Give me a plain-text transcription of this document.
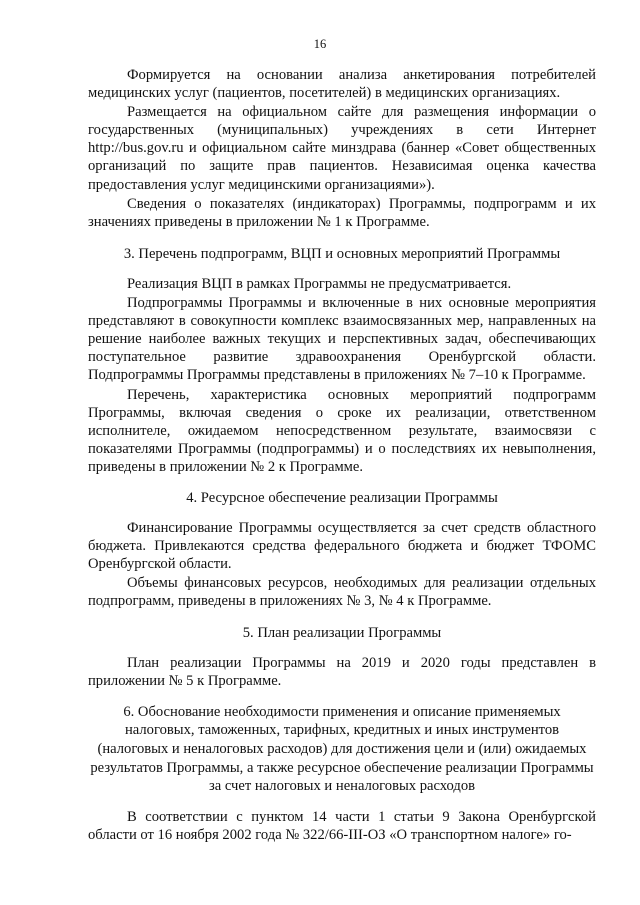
16

Формируется на основании анализа анкетирования потребителей медицинских услуг (пациентов, посетителей) в медицинских организациях.

Размещается на официальном сайте для размещения информации о государственных (муниципальных) учреждениях в сети Интернет http://bus.gov.ru и официальном сайте минздрава (баннер «Совет общественных организаций по защите прав пациентов. Независимая оценка качества предоставления услуг медицинскими организациями»).

Сведения о показателях (индикаторах) Программы, подпрограмм и их значениях приведены в приложении № 1 к Программе.

3. Перечень подпрограмм, ВЦП и основных мероприятий Программы

Реализация ВЦП в рамках Программы не предусматривается.

Подпрограммы Программы и включенные в них основные мероприятия представляют в совокупности комплекс взаимосвязанных мер, направленных на решение наиболее важных текущих и перспективных задач, обеспечивающих поступательное развитие здравоохранения Оренбургской области. Подпрограммы Программы представлены в приложениях № 7–10 к Программе.

Перечень, характеристика основных мероприятий подпрограмм Программы, включая сведения о сроке их реализации, ответственном исполнителе, ожидаемом непосредственном результате, взаимосвязи с показателями Программы (подпрограммы) и о последствиях их невыполнения, приведены в приложении № 2 к Программе.

4. Ресурсное обеспечение реализации Программы

Финансирование Программы осуществляется за счет средств областного бюджета. Привлекаются средства федерального бюджета и бюджет ТФОМС Оренбургской области.

Объемы финансовых ресурсов, необходимых для реализации отдельных подпрограмм, приведены в приложениях № 3, № 4 к Программе.

5. План реализации Программы

План реализации Программы на 2019 и 2020 годы представлен в приложении № 5 к Программе.

6. Обоснование необходимости применения и описание применяемых налоговых, таможенных, тарифных, кредитных и иных инструментов (налоговых и неналоговых расходов) для достижения цели и (или) ожидаемых результатов Программы, а также ресурсное обеспечение реализации Программы за счет налоговых и неналоговых расходов

В соответствии с пунктом 14 части 1 статьи 9 Закона Оренбургской области от 16 ноября 2002 года № 322/66-III-ОЗ «О транспортном налоге» го-
